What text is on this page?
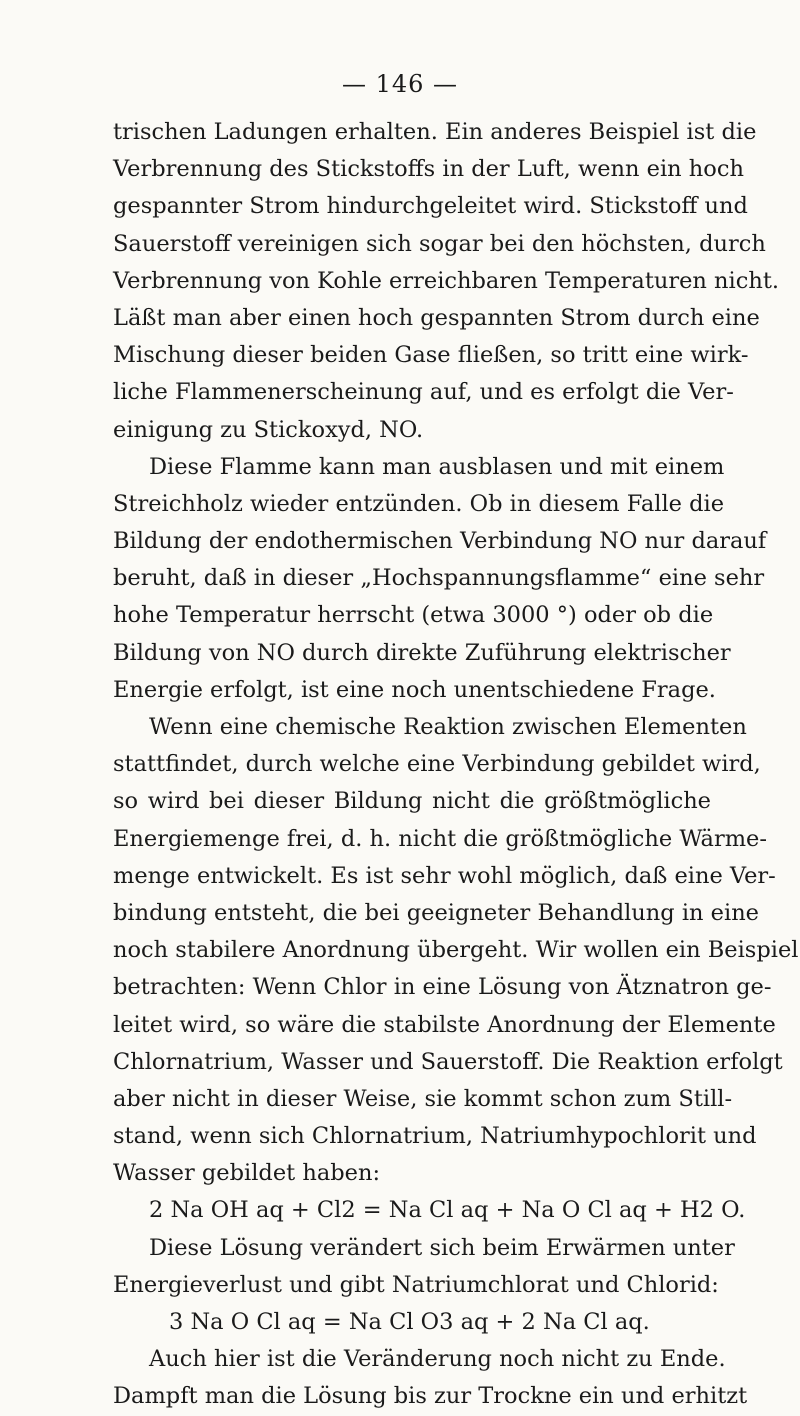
— 146 —
trischen Ladungen erhalten. Ein anderes Beispiel ist die
Verbrennung des Stickstoffs in der Luft, wenn ein hoch
gespannter Strom hindurchgeleitet wird. Stickstoff und
Sauerstoff vereinigen sich sogar bei den höchsten, durch
Verbrennung von Kohle erreichbaren Temperaturen nicht.
Läßt man aber einen hoch gespannten Strom durch eine
Mischung dieser beiden Gase fließen, so tritt eine wirk-
liche Flammenerscheinung auf, und es erfolgt die Ver-
einigung zu Stickoxyd, NO.
Diese Flamme kann man ausblasen und mit einem
Streichholz wieder entzünden. Ob in diesem Falle die
Bildung der endothermischen Verbindung NO nur darauf
beruht, daß in dieser „Hochspannungsflamme“ eine sehr
hohe Temperatur herrscht (etwa 3000 °) oder ob die
Bildung von NO durch direkte Zuführung elektrischer
Energie erfolgt, ist eine noch unentschiedene Frage.
Wenn eine chemische Reaktion zwischen Elementen
stattfindet, durch welche eine Verbindung gebildet wird,
so wird bei dieser Bildung nicht die größtmögliche
Energiemenge frei, d. h. nicht die größtmögliche Wärme-
menge entwickelt. Es ist sehr wohl möglich, daß eine Ver-
bindung entsteht, die bei geeigneter Behandlung in eine
noch stabilere Anordnung übergeht. Wir wollen ein Beispiel
betrachten: Wenn Chlor in eine Lösung von Ätznatron ge-
leitet wird, so wäre die stabilste Anordnung der Elemente
Chlornatrium, Wasser und Sauerstoff. Die Reaktion erfolgt
aber nicht in dieser Weise, sie kommt schon zum Still-
stand, wenn sich Chlornatrium, Natriumhypochlorit und
Wasser gebildet haben:
2 Na OH aq + Cl2 = Na Cl aq + Na O Cl aq + H2 O.
Diese Lösung verändert sich beim Erwärmen unter
Energieverlust und gibt Natriumchlorat und Chlorid:
3 Na O Cl aq = Na Cl O3 aq + 2 Na Cl aq.
Auch hier ist die Veränderung noch nicht zu Ende.
Dampft man die Lösung bis zur Trockne ein und erhitzt
